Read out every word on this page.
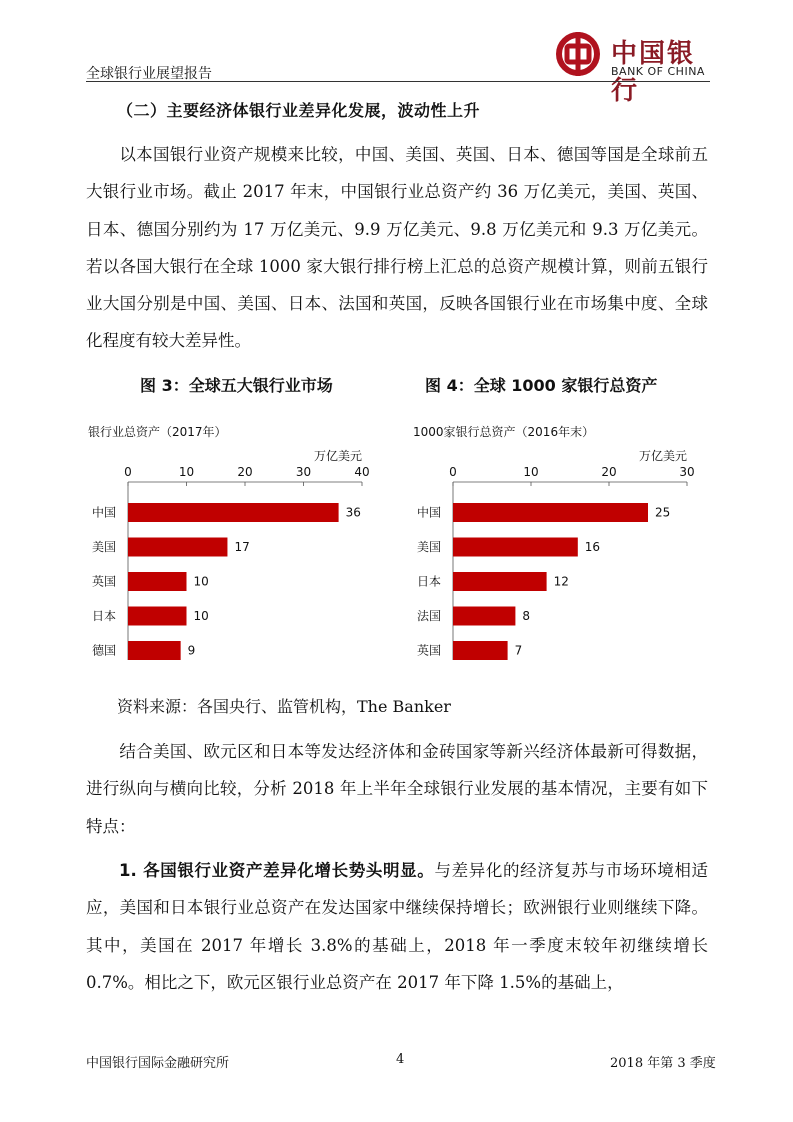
全球银行业展望报告
中国银行
BANK OF CHINA
（二）主要经济体银行业差异化发展，波动性上升
以本国银行业资产规模来比较，中国、美国、英国、日本、德国等国是全球前五大银行业市场。截止 2017 年末，中国银行业总资产约 36 万亿美元，美国、英国、日本、德国分别约为 17 万亿美元、9.9 万亿美元、9.8 万亿美元和 9.3 万亿美元。若以各国大银行在全球 1000 家大银行排行榜上汇总的总资产规模计算，则前五银行业大国分别是中国、美国、日本、法国和英国，反映各国银行业在市场集中度、全球化程度有较大差异性。
图 3：全球五大银行业市场	图 4：全球 1000 家银行总资产
银行业总资产（2017年）
万亿美元
0	10	20	30	40
中国	36
美国	17
英国	10
日本	10
德国	9
1000家银行总资产（2016年末）
万亿美元
0	10	20	30
中国	25
美国	16
日本	12
法国	8
英国	7
资料来源：各国央行、监管机构，The Banker
结合美国、欧元区和日本等发达经济体和金砖国家等新兴经济体最新可得数据，进行纵向与横向比较，分析 2018 年上半年全球银行业发展的基本情况，主要有如下特点：
1. 各国银行业资产差异化增长势头明显。与差异化的经济复苏与市场环境相适应，美国和日本银行业总资产在发达国家中继续保持增长；欧洲银行业则继续下降。其中，美国在 2017 年增长 3.8%的基础上，2018 年一季度末较年初继续增长 0.7%。相比之下，欧元区银行业总资产在 2017 年下降 1.5%的基础上，
中国银行国际金融研究所	4	2018 年第 3 季度
